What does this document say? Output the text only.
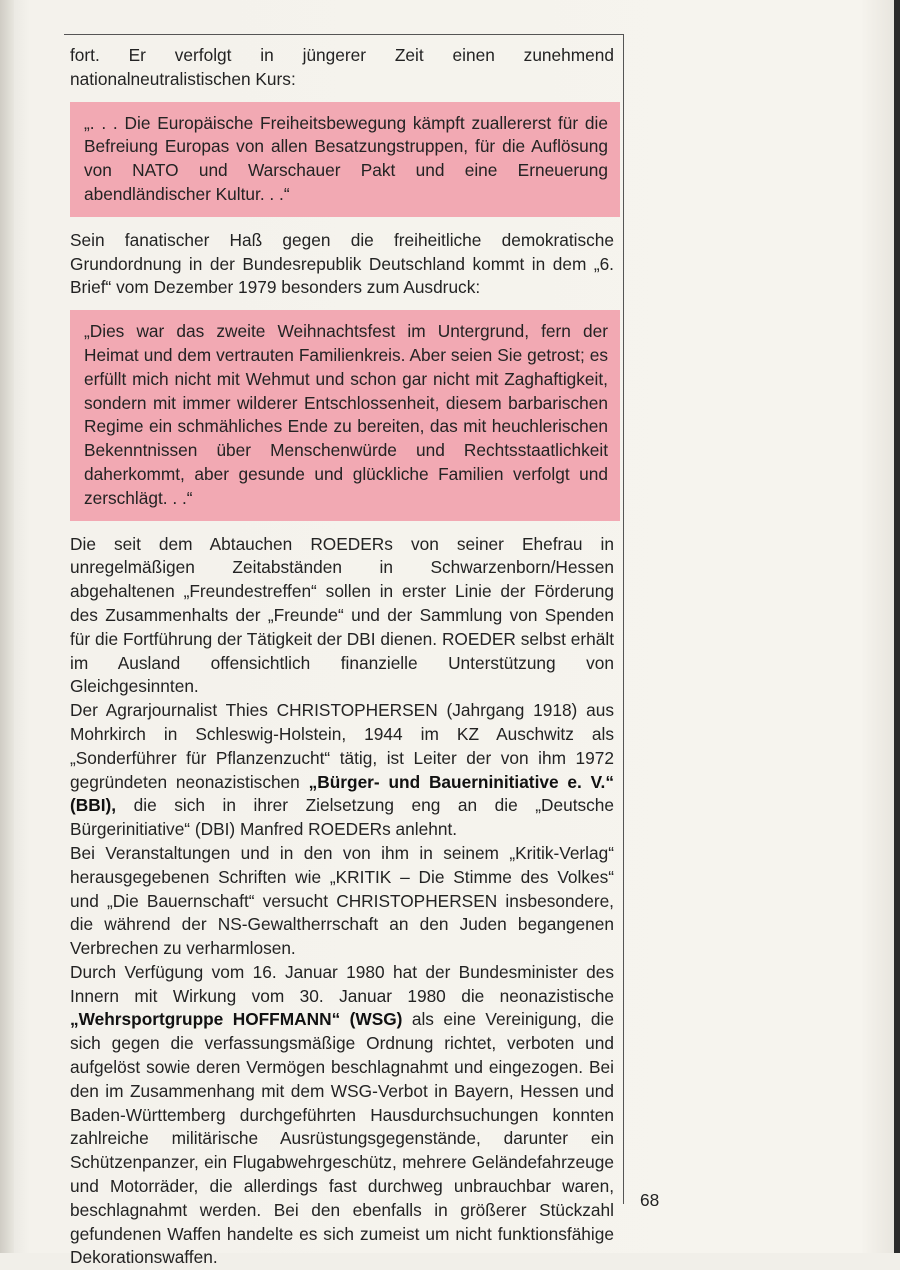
fort. Er verfolgt in jüngerer Zeit einen zunehmend nationalneutralistischen Kurs:

„. . . Die Europäische Freiheitsbewegung kämpft zuallererst für die Befreiung Europas von allen Besatzungstruppen, für die Auflösung von NATO und Warschauer Pakt und eine Erneuerung abendländischer Kultur. . .“

Sein fanatischer Haß gegen die freiheitliche demokratische Grundordnung in der Bundesrepublik Deutschland kommt in dem „6. Brief“ vom Dezember 1979 besonders zum Ausdruck:

„Dies war das zweite Weihnachtsfest im Untergrund, fern der Heimat und dem vertrauten Familienkreis. Aber seien Sie getrost; es erfüllt mich nicht mit Wehmut und schon gar nicht mit Zaghaftigkeit, sondern mit immer wilderer Entschlossenheit, diesem barbarischen Regime ein schmähliches Ende zu bereiten, das mit heuchlerischen Bekenntnissen über Menschenwürde und Rechtsstaatlichkeit daherkommt, aber gesunde und glückliche Familien verfolgt und zerschlägt. . .“

Die seit dem Abtauchen ROEDERs von seiner Ehefrau in unregelmäßigen Zeitabständen in Schwarzenborn/Hessen abgehaltenen „Freundestreffen“ sollen in erster Linie der Förderung des Zusammenhalts der „Freunde“ und der Sammlung von Spenden für die Fortführung der Tätigkeit der DBI dienen. ROEDER selbst erhält im Ausland offensichtlich finanzielle Unterstützung von Gleichgesinnten.

Der Agrarjournalist Thies CHRISTOPHERSEN (Jahrgang 1918) aus Mohrkirch in Schleswig-Holstein, 1944 im KZ Auschwitz als „Sonderführer für Pflanzenzucht“ tätig, ist Leiter der von ihm 1972 gegründeten neonazistischen „Bürger- und Bauerninitiative e. V.“ (BBI), die sich in ihrer Zielsetzung eng an die „Deutsche Bürgerinitiative“ (DBI) Manfred ROEDERs anlehnt.

Bei Veranstaltungen und in den von ihm in seinem „Kritik-Verlag“ herausgegebenen Schriften wie „KRITIK – Die Stimme des Volkes“ und „Die Bauernschaft“ versucht CHRISTOPHERSEN insbesondere, die während der NS-Gewaltherrschaft an den Juden begangenen Verbrechen zu verharmlosen.

Durch Verfügung vom 16. Januar 1980 hat der Bundesminister des Innern mit Wirkung vom 30. Januar 1980 die neonazistische „Wehrsportgruppe HOFFMANN“ (WSG) als eine Vereinigung, die sich gegen die verfassungsmäßige Ordnung richtet, verboten und aufgelöst sowie deren Vermögen beschlagnahmt und eingezogen. Bei den im Zusammenhang mit dem WSG-Verbot in Bayern, Hessen und Baden-Württemberg durchgeführten Hausdurchsuchungen konnten zahlreiche militärische Ausrüstungsgegenstände, darunter ein Schützenpanzer, ein Flugabwehrgeschütz, mehrere Geländefahrzeuge und Motorräder, die allerdings fast durchweg unbrauchbar waren, beschlagnahmt werden. Bei den ebenfalls in größerer Stückzahl gefundenen Waffen handelte es sich zumeist um nicht funktionsfähige Dekorationswaffen.

68
